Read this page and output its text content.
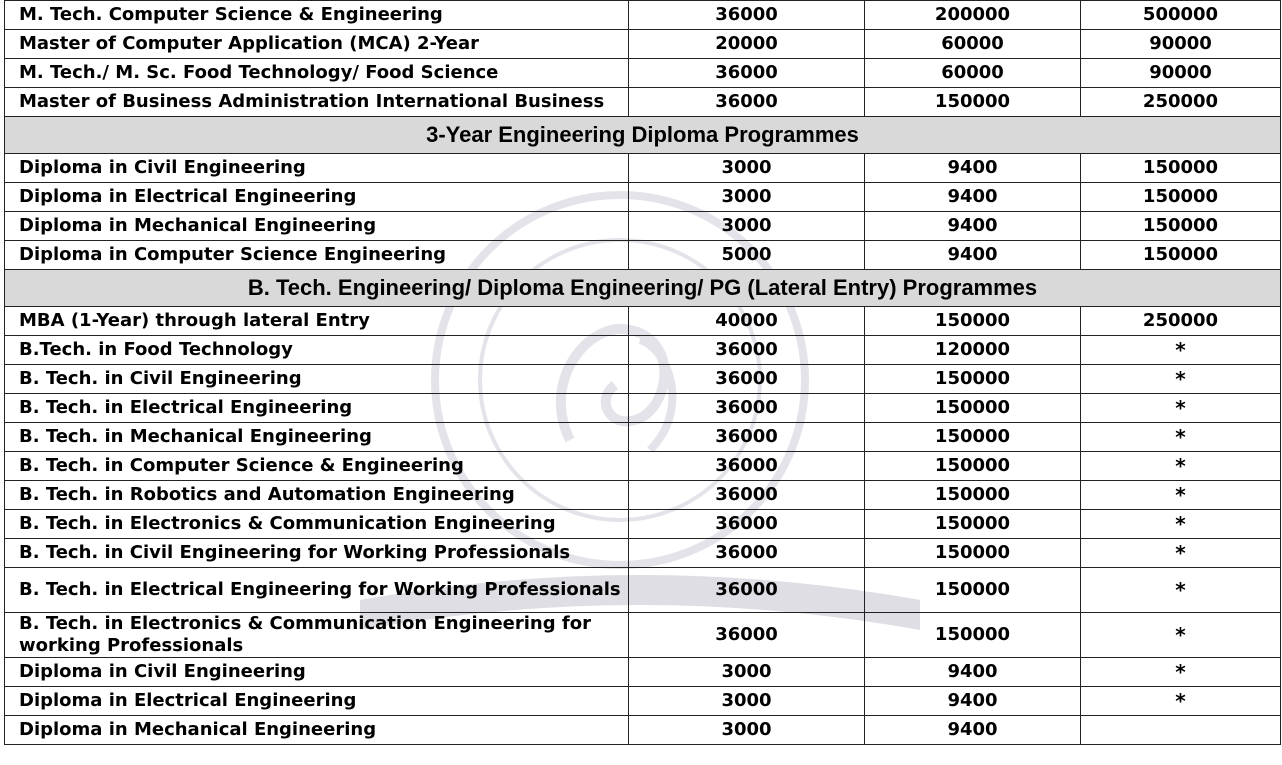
M. Tech. Computer Science & Engineering	36000	200000	500000
Master of Computer Application (MCA) 2-Year	20000	60000	90000
M. Tech./ M. Sc. Food Technology/ Food Science	36000	60000	90000
Master of Business Administration International Business	36000	150000	250000
3-Year Engineering Diploma Programmes			
Diploma in Civil Engineering	3000	9400	150000
Diploma in Electrical Engineering	3000	9400	150000
Diploma in Mechanical Engineering	3000	9400	150000
Diploma in Computer Science Engineering	5000	9400	150000
B. Tech. Engineering/ Diploma Engineering/ PG (Lateral Entry) Programmes			
MBA (1-Year) through lateral Entry	40000	150000	250000
B.Tech. in Food Technology	36000	120000	*
B. Tech. in Civil Engineering	36000	150000	*
B. Tech. in Electrical Engineering	36000	150000	*
B. Tech. in Mechanical Engineering	36000	150000	*
B. Tech. in Computer Science & Engineering	36000	150000	*
B. Tech. in Robotics and Automation Engineering	36000	150000	*
B. Tech. in Electronics & Communication Engineering	36000	150000	*
B. Tech. in Civil Engineering for Working Professionals	36000	150000	*
B. Tech. in Electrical Engineering for Working Professionals	36000	150000	*
B. Tech. in Electronics & Communication Engineering for working Professionals	36000	150000	*
Diploma in Civil Engineering	3000	9400	*
Diploma in Electrical Engineering	3000	9400	*
Diploma in Mechanical Engineering	3000	9400	
